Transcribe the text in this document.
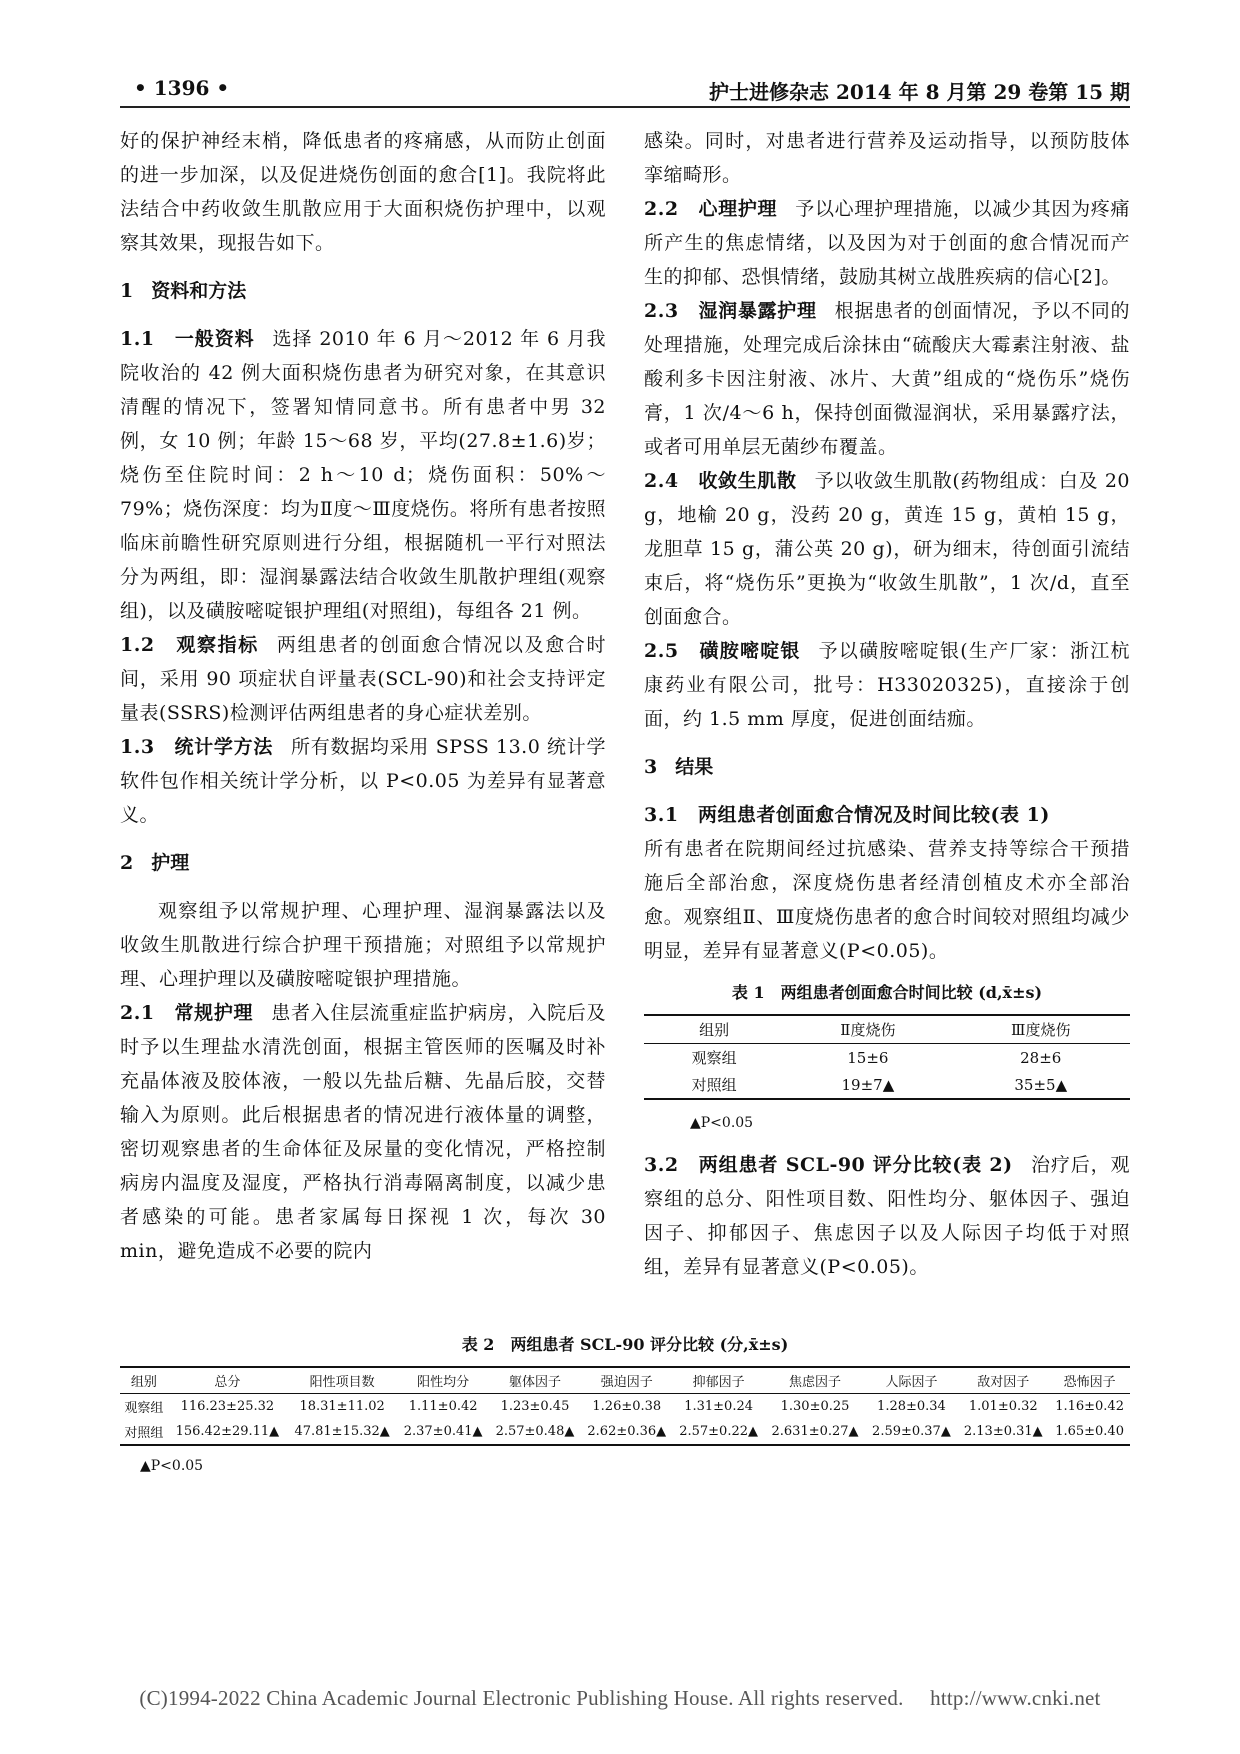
• 1396 •	护士进修杂志 2014 年 8 月第 29 卷第 15 期

好的保护神经末梢，降低患者的疼痛感，从而防止创面的进一步加深，以及促进烧伤创面的愈合[1]。我院将此法结合中药收敛生肌散应用于大面积烧伤护理中，以观察其效果，现报告如下。

1 资料和方法

1.1　一般资料 选择 2010 年 6 月～2012 年 6 月我院收治的 42 例大面积烧伤患者为研究对象，在其意识清醒的情况下，签署知情同意书。所有患者中男 32 例，女 10 例；年龄 15～68 岁，平均(27.8±1.6)岁；烧伤至住院时间：2 h～10 d；烧伤面积：50%～79%；烧伤深度：均为Ⅱ度～Ⅲ度烧伤。将所有患者按照临床前瞻性研究原则进行分组，根据随机一平行对照法分为两组，即：湿润暴露法结合收敛生肌散护理组(观察组)，以及磺胺嘧啶银护理组(对照组)，每组各 21 例。

1.2　观察指标 两组患者的创面愈合情况以及愈合时间，采用 90 项症状自评量表(SCL-90)和社会支持评定量表(SSRS)检测评估两组患者的身心症状差别。

1.3　统计学方法 所有数据均采用 SPSS 13.0 统计学软件包作相关统计学分析，以 P<0.05 为差异有显著意义。

2 护理

观察组予以常规护理、心理护理、湿润暴露法以及收敛生肌散进行综合护理干预措施；对照组予以常规护理、心理护理以及磺胺嘧啶银护理措施。

2.1　常规护理 患者入住层流重症监护病房，入院后及时予以生理盐水清洗创面，根据主管医师的医嘱及时补充晶体液及胶体液，一般以先盐后糖、先晶后胶，交替输入为原则。此后根据患者的情况进行液体量的调整，密切观察患者的生命体征及尿量的变化情况，严格控制病房内温度及湿度，严格执行消毒隔离制度，以减少患者感染的可能。患者家属每日探视 1 次，每次 30 min，避免造成不必要的院内

感染。同时，对患者进行营养及运动指导，以预防肢体挛缩畸形。

2.2　心理护理 予以心理护理措施，以减少其因为疼痛所产生的焦虑情绪，以及因为对于创面的愈合情况而产生的抑郁、恐惧情绪，鼓励其树立战胜疾病的信心[2]。

2.3　湿润暴露护理 根据患者的创面情况，予以不同的处理措施，处理完成后涂抹由“硫酸庆大霉素注射液、盐酸利多卡因注射液、冰片、大黄”组成的“烧伤乐”烧伤膏，1 次/4～6 h，保持创面微湿润状，采用暴露疗法，或者可用单层无菌纱布覆盖。

2.4　收敛生肌散 予以收敛生肌散(药物组成：白及 20 g，地榆 20 g，没药 20 g，黄连 15 g，黄柏 15 g，龙胆草 15 g，蒲公英 20 g)，研为细末，待创面引流结束后，将“烧伤乐”更换为“收敛生肌散”，1 次/d，直至创面愈合。

2.5　磺胺嘧啶银 予以磺胺嘧啶银(生产厂家：浙江杭康药业有限公司，批号：H33020325)，直接涂于创面，约 1.5 mm 厚度，促进创面结痂。

3 结果

3.1　两组患者创面愈合情况及时间比较(表 1)

所有患者在院期间经过抗感染、营养支持等综合干预措施后全部治愈，深度烧伤患者经清创植皮术亦全部治愈。观察组Ⅱ、Ⅲ度烧伤患者的愈合时间较对照组均减少明显，差异有显著意义(P<0.05)。

表 1　两组患者创面愈合时间比较 (d,x̄±s)
组别	Ⅱ度烧伤	Ⅲ度烧伤
观察组	15±6	28±6
对照组	19±7▲	35±5▲
▲P<0.05

3.2　两组患者 SCL-90 评分比较(表 2) 治疗后，观察组的总分、阳性项目数、阳性均分、躯体因子、强迫因子、抑郁因子、焦虑因子以及人际因子均低于对照组，差异有显著意义(P<0.05)。

表 2　两组患者 SCL-90 评分比较 (分,x̄±s)
组别	总分	阳性项目数	阳性均分	躯体因子	强迫因子	抑郁因子	焦虑因子	人际因子	敌对因子	恐怖因子
观察组	116.23±25.32	18.31±11.02	1.11±0.42	1.23±0.45	1.26±0.38	1.31±0.24	1.30±0.25	1.28±0.34	1.01±0.32	1.16±0.42
对照组	156.42±29.11▲	47.81±15.32▲	2.37±0.41▲	2.57±0.48▲	2.62±0.36▲	2.57±0.22▲	2.631±0.27▲	2.59±0.37▲	2.13±0.31▲	1.65±0.40
▲P<0.05
(C)1994-2022 China Academic Journal Electronic Publishing House. All rights reserved.　 http://www.cnki.net
